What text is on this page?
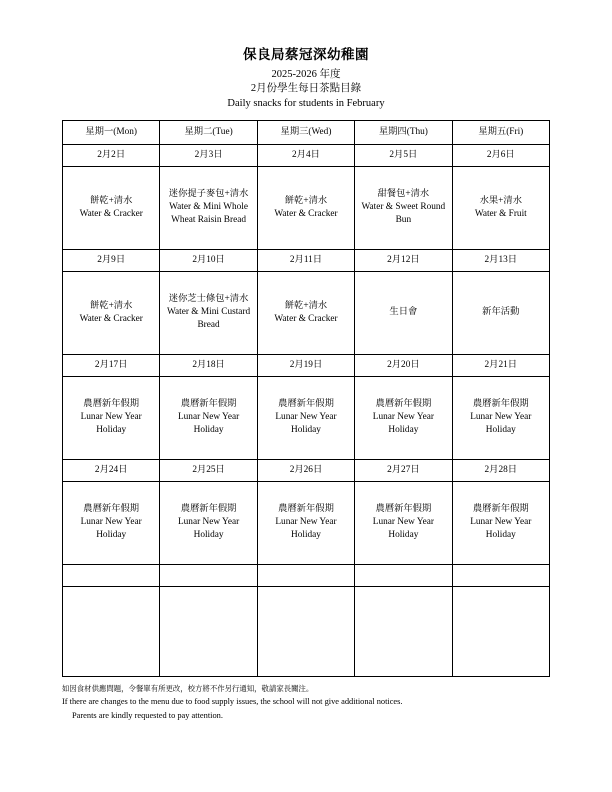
保良局蔡冠深幼稚園
2025-2026 年度
2月份學生每日茶點目錄
Daily snacks for students in February
星期一(Mon)	星期二(Tue)	星期三(Wed)	星期四(Thu)	星期五(Fri)
2月2日	2月3日	2月4日	2月5日	2月6日

餅乾+清水
Water & Cracker	迷你提子麥包+清水
Water & Mini Whole Wheat Raisin Bread	餅乾+清水
Water & Cracker	甜餐包+清水
Water & Sweet Round Bun	水果+清水
Water & Fruit

2月9日	2月10日	2月11日	2月12日	2月13日

餅乾+清水
Water & Cracker	迷你芝士條包+清水
Water & Mini Custard Bread	餅乾+清水
Water & Cracker	生日會	新年活動

2月17日	2月18日	2月19日	2月20日	2月21日

農曆新年假期
Lunar New Year Holiday	農曆新年假期
Lunar New Year Holiday	農曆新年假期
Lunar New Year Holiday	農曆新年假期
Lunar New Year Holiday	農曆新年假期
Lunar New Year Holiday

2月24日	2月25日	2月26日	2月27日	2月28日

農曆新年假期
Lunar New Year Holiday	農曆新年假期
Lunar New Year Holiday	農曆新年假期
Lunar New Year Holiday	農曆新年假期
Lunar New Year Holiday	農曆新年假期
Lunar New Year Holiday

如因食材供應問題，令餐單有所更改，校方將不作另行通知，敬請家長關注。
If there are changes to the menu due to food supply issues, the school will not give additional notices.
Parents are kindly requested to pay attention.
